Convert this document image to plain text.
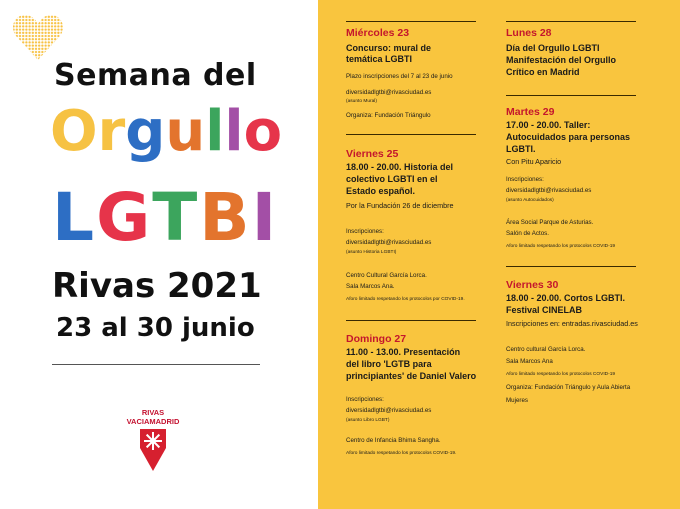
Semana del
Orgullo
LGTBI
Rivas 2021
23 al 30 junio
RIVAS
VACIAMADRID
Miércoles 23
Concurso: mural de
temática LGBTI
Plazo inscripciones del 7 al 23 de junio
diversidadlgtbi@rivasciudad.es
(asunto Mural)
Organiza: Fundación Triángulo
Viernes 25
18.00 - 20.00. Historia del
colectivo LGBTI en el
Estado español.
Por la Fundación 26 de diciembre
Inscripciones:
diversidadlgtbi@rivasciudad.es
(asunto Historia LGBTI)
Centro Cultural García Lorca.
Sala Marcos Ana.
Aforo limitado respetando los protocolos por COVID-19.
Domingo 27
11.00 - 13.00. Presentación
del libro 'LGTB para
principiantes' de Daniel Valero
Inscripciones:
diversidadlgtbi@rivasciudad.es
(asunto Libro LGBT)
Centro de Infancia Bhima Sangha.
Aforo limitado respetando los protocolos COVID-19.
Lunes 28
Día del Orgullo LGBTI
Manifestación del Orgullo
Crítico en Madrid
Martes 29
17.00 - 20.00. Taller:
Autocuidados para personas
LGBTI.
Con Pitu Aparicio
Inscripciones:
diversidadlgtbi@rivasciudad.es
(asunto Autocuidados)
Área Social Parque de Asturias.
Salón de Actos.
Aforo limitado respetando los protocolos COVID-19
Viernes 30
18.00 - 20.00. Cortos LGBTI.
Festival CINELAB
Inscripciones en: entradas.rivasciudad.es
Centro cultural García Lorca.
Sala Marcos Ana
Aforo limitado respetando los protocolos COVID-19
Organiza: Fundación Triángulo y Aula Abierta
Mujeres
